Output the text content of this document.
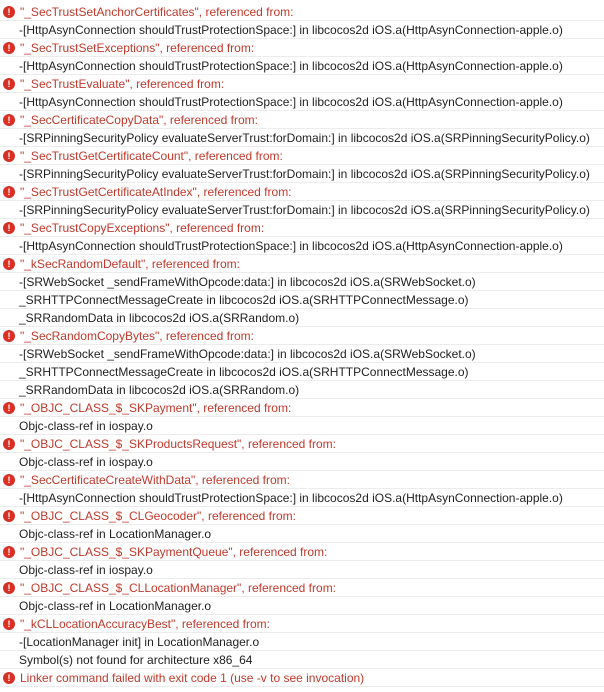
! "_SecTrustSetAnchorCertificates", referenced from:
-[HttpAsynConnection shouldTrustProtectionSpace:] in libcocos2d iOS.a(HttpAsynConnection-apple.o)
! "_SecTrustSetExceptions", referenced from:
-[HttpAsynConnection shouldTrustProtectionSpace:] in libcocos2d iOS.a(HttpAsynConnection-apple.o)
! "_SecTrustEvaluate", referenced from:
-[HttpAsynConnection shouldTrustProtectionSpace:] in libcocos2d iOS.a(HttpAsynConnection-apple.o)
! "_SecCertificateCopyData", referenced from:
-[SRPinningSecurityPolicy evaluateServerTrust:forDomain:] in libcocos2d iOS.a(SRPinningSecurityPolicy.o)
! "_SecTrustGetCertificateCount", referenced from:
-[SRPinningSecurityPolicy evaluateServerTrust:forDomain:] in libcocos2d iOS.a(SRPinningSecurityPolicy.o)
! "_SecTrustGetCertificateAtIndex", referenced from:
-[SRPinningSecurityPolicy evaluateServerTrust:forDomain:] in libcocos2d iOS.a(SRPinningSecurityPolicy.o)
! "_SecTrustCopyExceptions", referenced from:
-[HttpAsynConnection shouldTrustProtectionSpace:] in libcocos2d iOS.a(HttpAsynConnection-apple.o)
! "_kSecRandomDefault", referenced from:
-[SRWebSocket _sendFrameWithOpcode:data:] in libcocos2d iOS.a(SRWebSocket.o)
_SRHTTPConnectMessageCreate in libcocos2d iOS.a(SRHTTPConnectMessage.o)
_SRRandomData in libcocos2d iOS.a(SRRandom.o)
! "_SecRandomCopyBytes", referenced from:
-[SRWebSocket _sendFrameWithOpcode:data:] in libcocos2d iOS.a(SRWebSocket.o)
_SRHTTPConnectMessageCreate in libcocos2d iOS.a(SRHTTPConnectMessage.o)
_SRRandomData in libcocos2d iOS.a(SRRandom.o)
! "_OBJC_CLASS_$_SKPayment", referenced from:
Objc-class-ref in iospay.o
! "_OBJC_CLASS_$_SKProductsRequest", referenced from:
Objc-class-ref in iospay.o
! "_SecCertificateCreateWithData", referenced from:
-[HttpAsynConnection shouldTrustProtectionSpace:] in libcocos2d iOS.a(HttpAsynConnection-apple.o)
! "_OBJC_CLASS_$_CLGeocoder", referenced from:
Objc-class-ref in LocationManager.o
! "_OBJC_CLASS_$_SKPaymentQueue", referenced from:
Objc-class-ref in iospay.o
! "_OBJC_CLASS_$_CLLocationManager", referenced from:
Objc-class-ref in LocationManager.o
! "_kCLLocationAccuracyBest", referenced from:
-[LocationManager init] in LocationManager.o
Symbol(s) not found for architecture x86_64
! Linker command failed with exit code 1 (use -v to see invocation)
